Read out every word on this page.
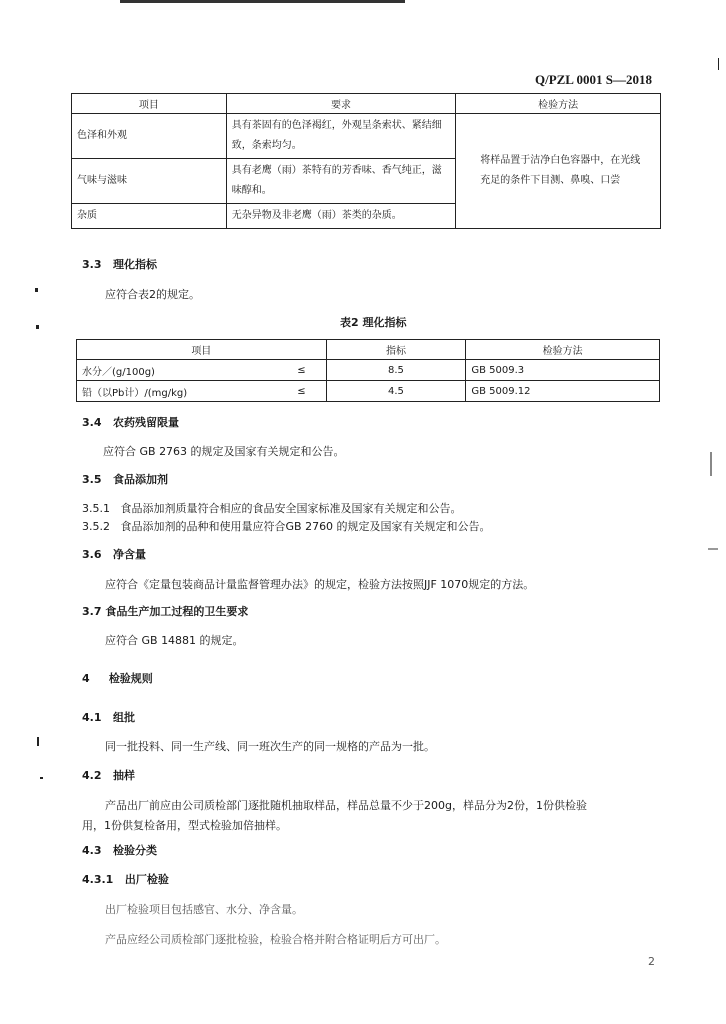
Q/PZL 0001 S—2018
项目	要求	检验方法
色泽和外观	具有茶固有的色泽褐红，外观呈条索状、紧结细致，条索均匀。	将样品置于洁净白色容器中，在光线充足的条件下目测、鼻嗅、口尝
气味与滋味	具有老鹰（雨）茶特有的芳香味、香气纯正，滋味醇和。	
杂质	无杂异物及非老鹰（雨）茶类的杂质。	
3.3 理化指标
应符合表2的规定。
表2 理化指标
项目		指标	检验方法
水分／(g/100g)	≤	8.5	GB 5009.3
铅（以Pb计）/(mg/kg)	≤	4.5	GB 5009.12
3.4 农药残留限量
应符合 GB 2763 的规定及国家有关规定和公告。
3.5 食品添加剂
3.5.1 食品添加剂质量符合相应的食品安全国家标准及国家有关规定和公告。
3.5.2 食品添加剂的品种和使用量应符合GB 2760 的规定及国家有关规定和公告。
3.6 净含量
应符合《定量包装商品计量监督管理办法》的规定，检验方法按照JJF 1070规定的方法。
3.7 食品生产加工过程的卫生要求
应符合 GB 14881 的规定。
4 检验规则
4.1 组批
同一批投料、同一生产线、同一班次生产的同一规格的产品为一批。
4.2 抽样
产品出厂前应由公司质检部门逐批随机抽取样品，样品总量不少于200g，样品分为2份，1份供检验
用，1份供复检备用，型式检验加倍抽样。
4.3 检验分类
4.3.1 出厂检验
出厂检验项目包括感官、水分、净含量。
产品应经公司质检部门逐批检验，检验合格并附合格证明后方可出厂。
2
